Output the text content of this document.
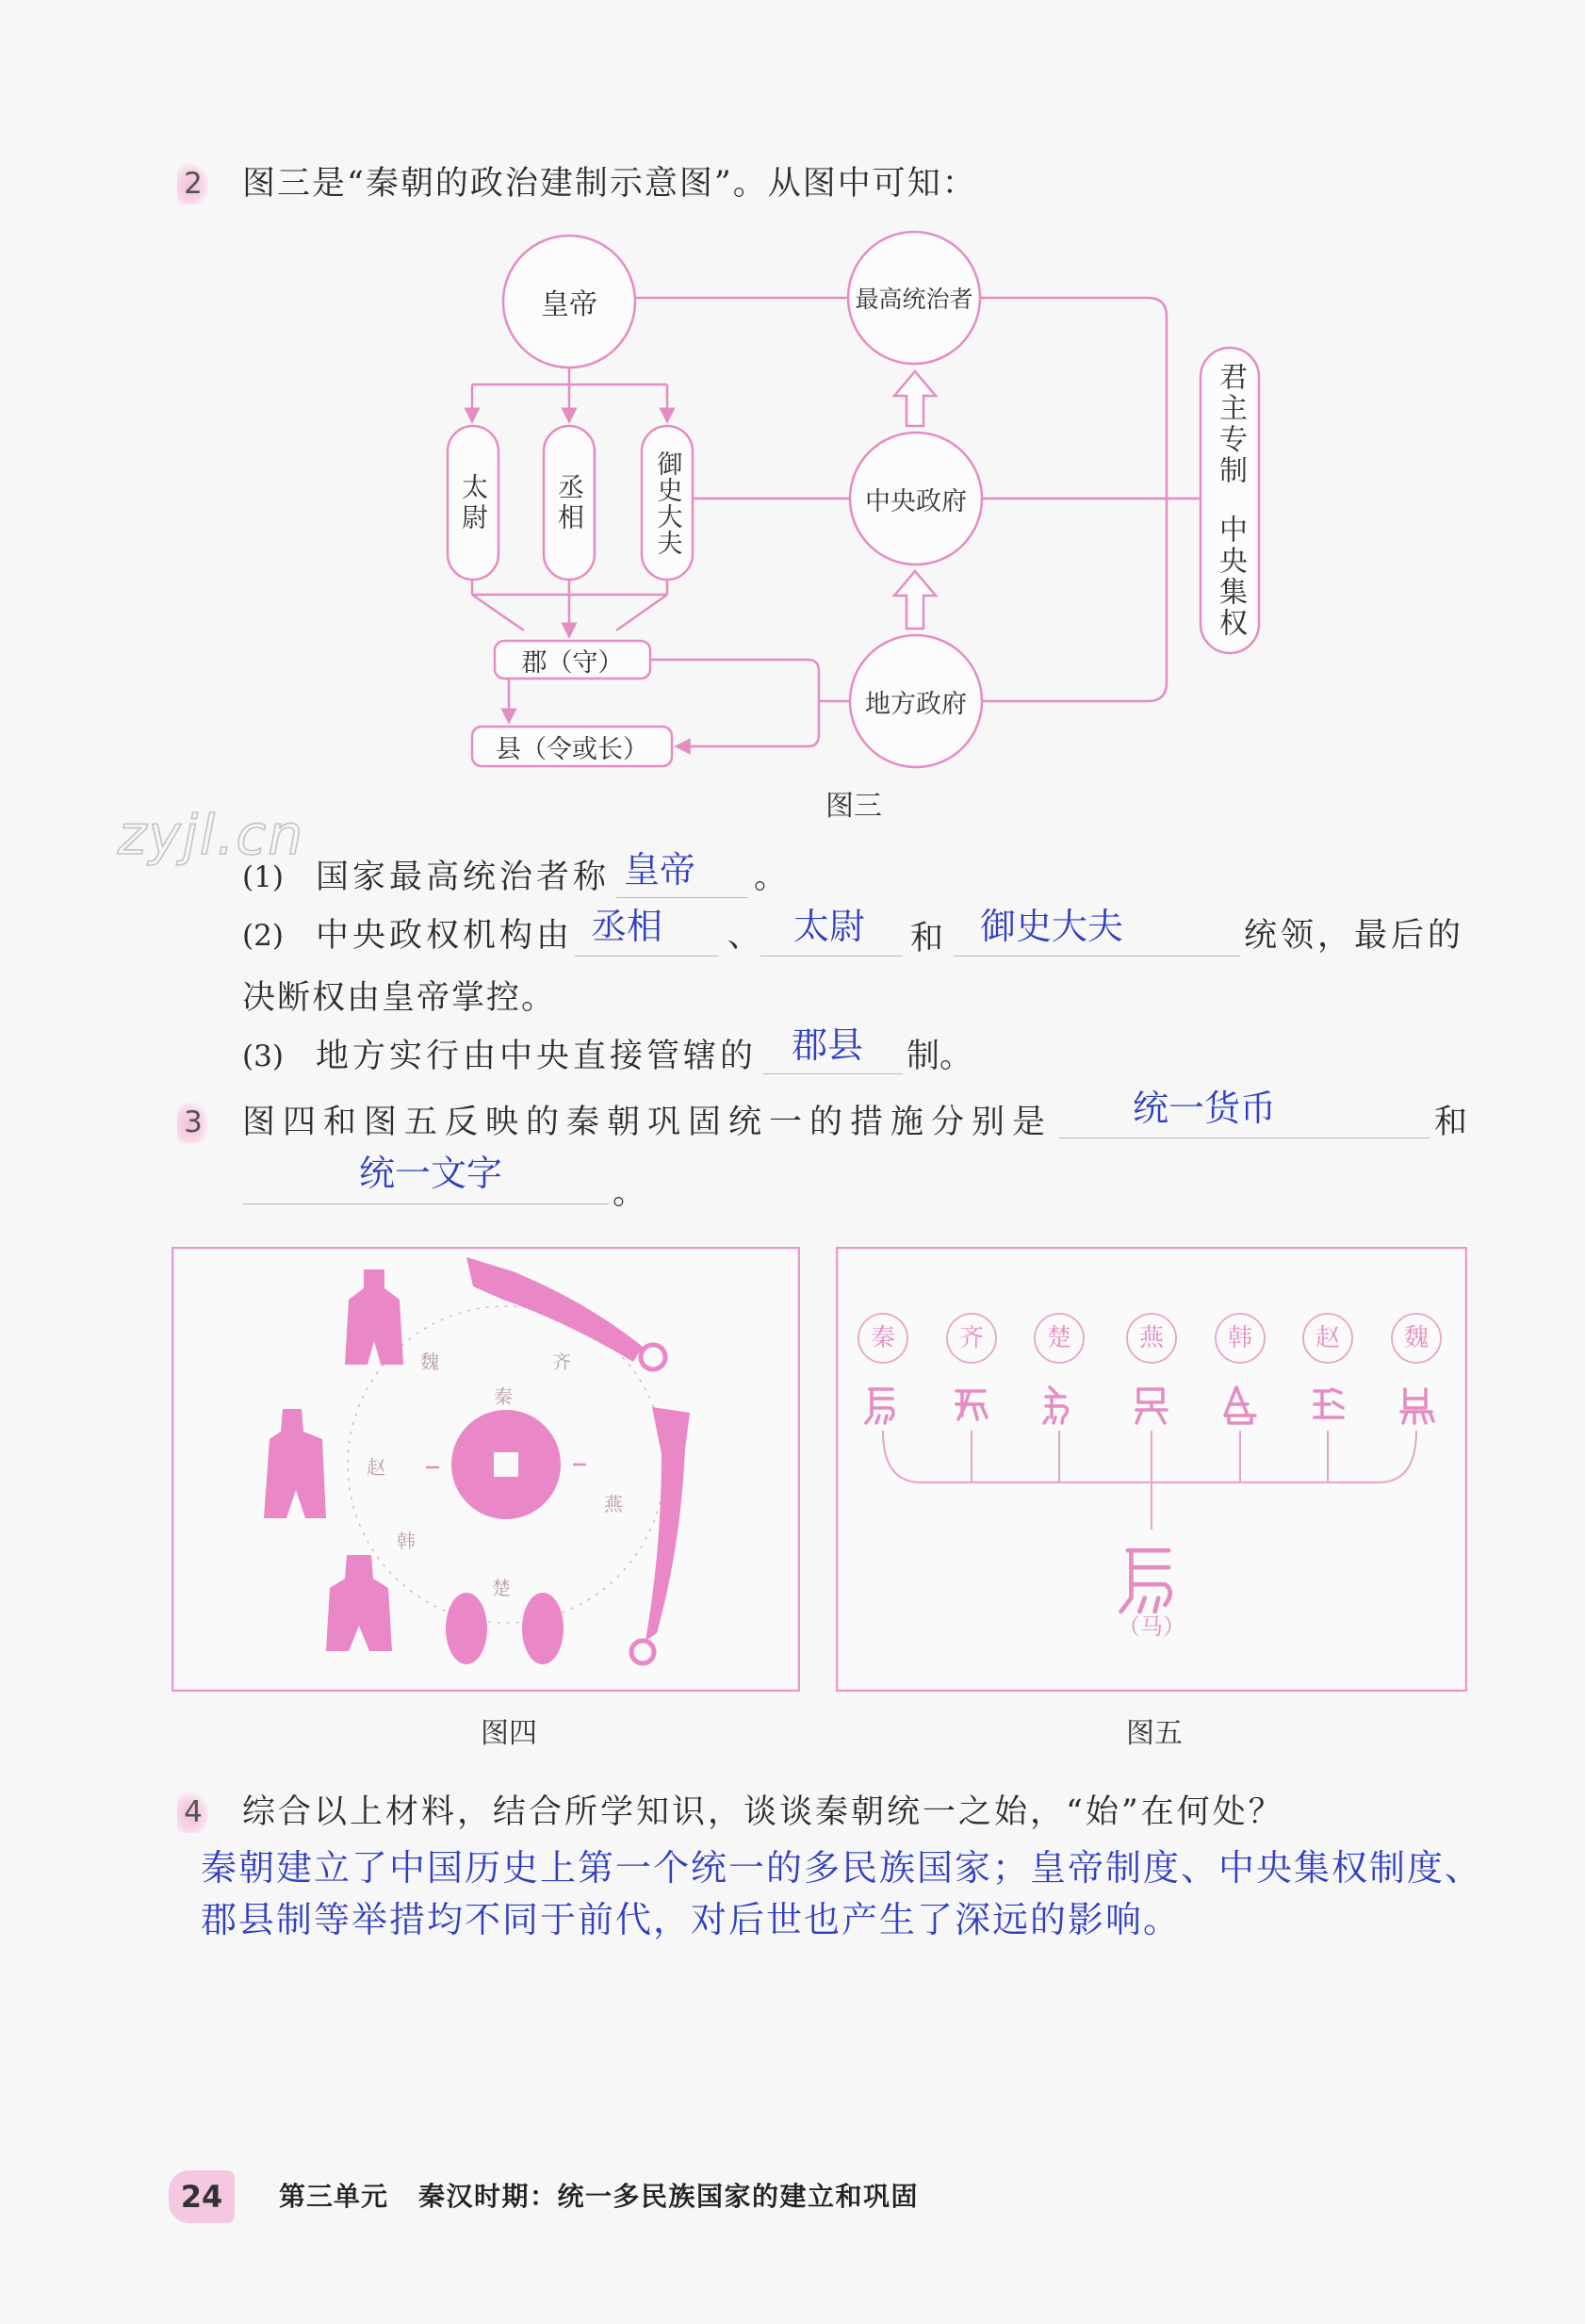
2 图三是“秦朝的政治建制示意图”。从图中可知：
皇帝	最高统治者
中央政府
地方政府
太尉 丞相	御史大夫
郡（守）
县（令或长）
君主专制
中央集权
图三
zyjl.cn
(1) 国家最高统治者称 皇帝 。
(2) 中央政权机构由 丞相 、 太尉 和 御史大夫	统领，最后的
决断权由皇帝掌控。
(3) 地方实行由中央直接管辖的 郡县 制。
3 图四和图五反映的秦朝巩固统一的措施分别是 统一货币	和
统一文字	。
魏	齐
秦
赵
燕
韩
楚
图四
秦	齐	楚	燕	韩	赵	魏
（马）
图五
4 综合以上材料，结合所学知识，谈谈秦朝统一之始，“始”在何处？
秦朝建立了中国历史上第一个统一的多民族国家；皇帝制度、中央集权制度、
郡县制等举措均不同于前代，对后世也产生了深远的影响。
24	第三单元 秦汉时期：统一多民族国家的建立和巩固
